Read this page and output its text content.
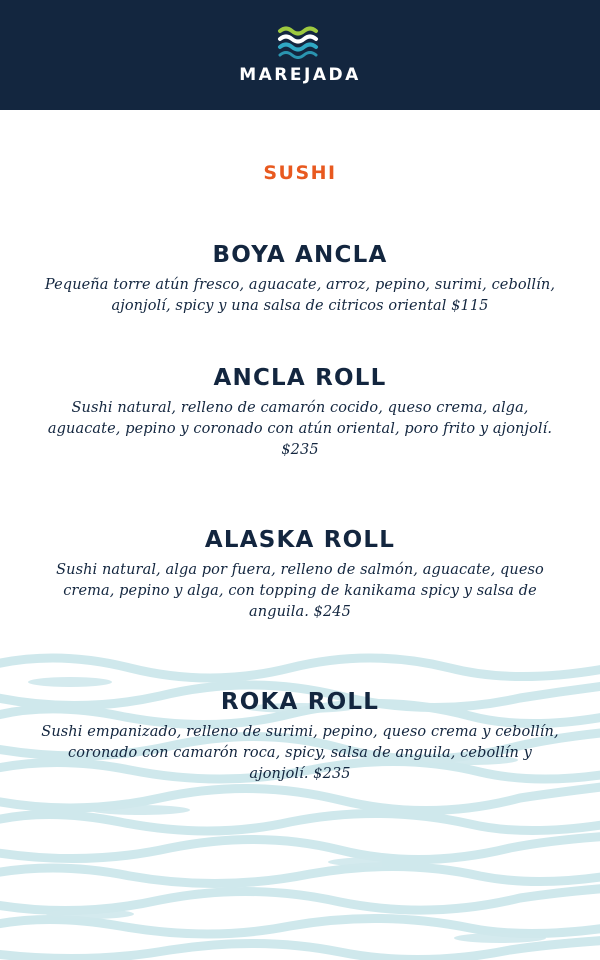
MAREJADA
SUSHI
BOYA ANCLA
Pequeña torre atún fresco, aguacate, arroz, pepino, surimi, cebollín, ajonjolí, spicy y una salsa de citricos oriental $115
ANCLA ROLL
Sushi natural, relleno de camarón cocido, queso crema, alga, aguacate, pepino y coronado con atún oriental, poro frito y ajonjolí. $235
ALASKA ROLL
Sushi natural, alga por fuera, relleno de salmón, aguacate, queso crema, pepino y alga, con topping de kanikama spicy y salsa de anguila. $245
ROKA ROLL
Sushi empanizado, relleno de surimi, pepino, queso crema y cebollín, coronado con camarón roca, spicy, salsa de anguila, cebollín y ajonjolí. $235
